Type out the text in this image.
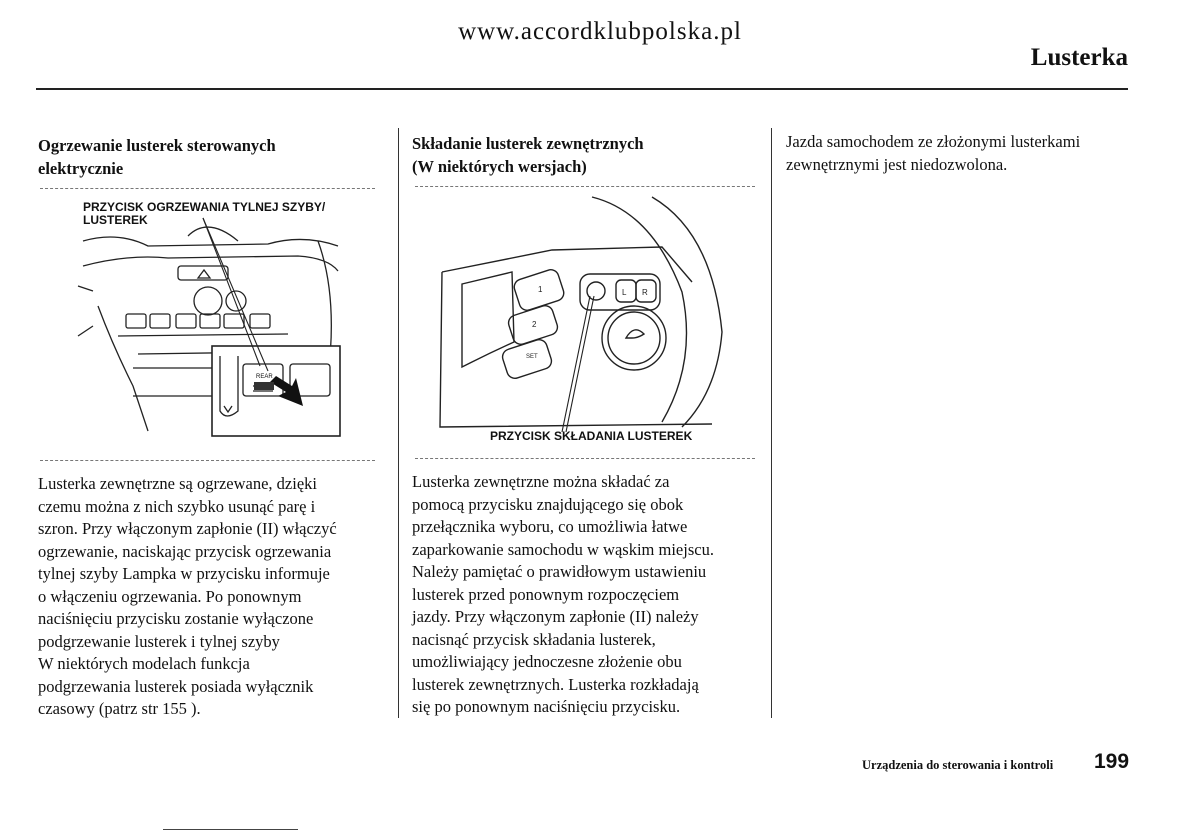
www.accordklubpolska.pl
Lusterka
Ogrzewanie lusterek sterowanych
elektrycznie
PRZYCISK OGRZEWANIA TYLNEJ SZYBY/
LUSTEREK
REAR
Lusterka zewnętrzne są ogrzewane, dzięki
czemu można z nich szybko usunąć parę i
szron. Przy włączonym zapłonie (II) włączyć
ogrzewanie, naciskając przycisk ogrzewania
tylnej szyby Lampka w przycisku informuje
o włączeniu ogrzewania. Po ponownym
naciśnięciu przycisku zostanie wyłączone
podgrzewanie lusterek i tylnej szyby
W niektórych modelach funkcja
podgrzewania lusterek posiada wyłącznik
czasowy (patrz str 155 ).
Składanie lusterek zewnętrznych
(W niektórych wersjach)
1
2
SET
L R
PRZYCISK SKŁADANIA LUSTEREK
Lusterka zewnętrzne można składać za
pomocą przycisku znajdującego się obok
przełącznika wyboru, co umożliwia łatwe
zaparkowanie samochodu w wąskim miejscu.
Należy pamiętać o prawidłowym ustawieniu
lusterek przed ponownym rozpoczęciem
jazdy. Przy włączonym zapłonie (II) należy
nacisnąć przycisk składania lusterek,
umożliwiający jednoczesne złożenie obu
lusterek zewnętrznych. Lusterka rozkładają
się po ponownym naciśnięciu przycisku.
Jazda samochodem ze złożonymi lusterkami
zewnętrznymi jest niedozwolona.
Urządzenia do sterowania i kontroli 199
